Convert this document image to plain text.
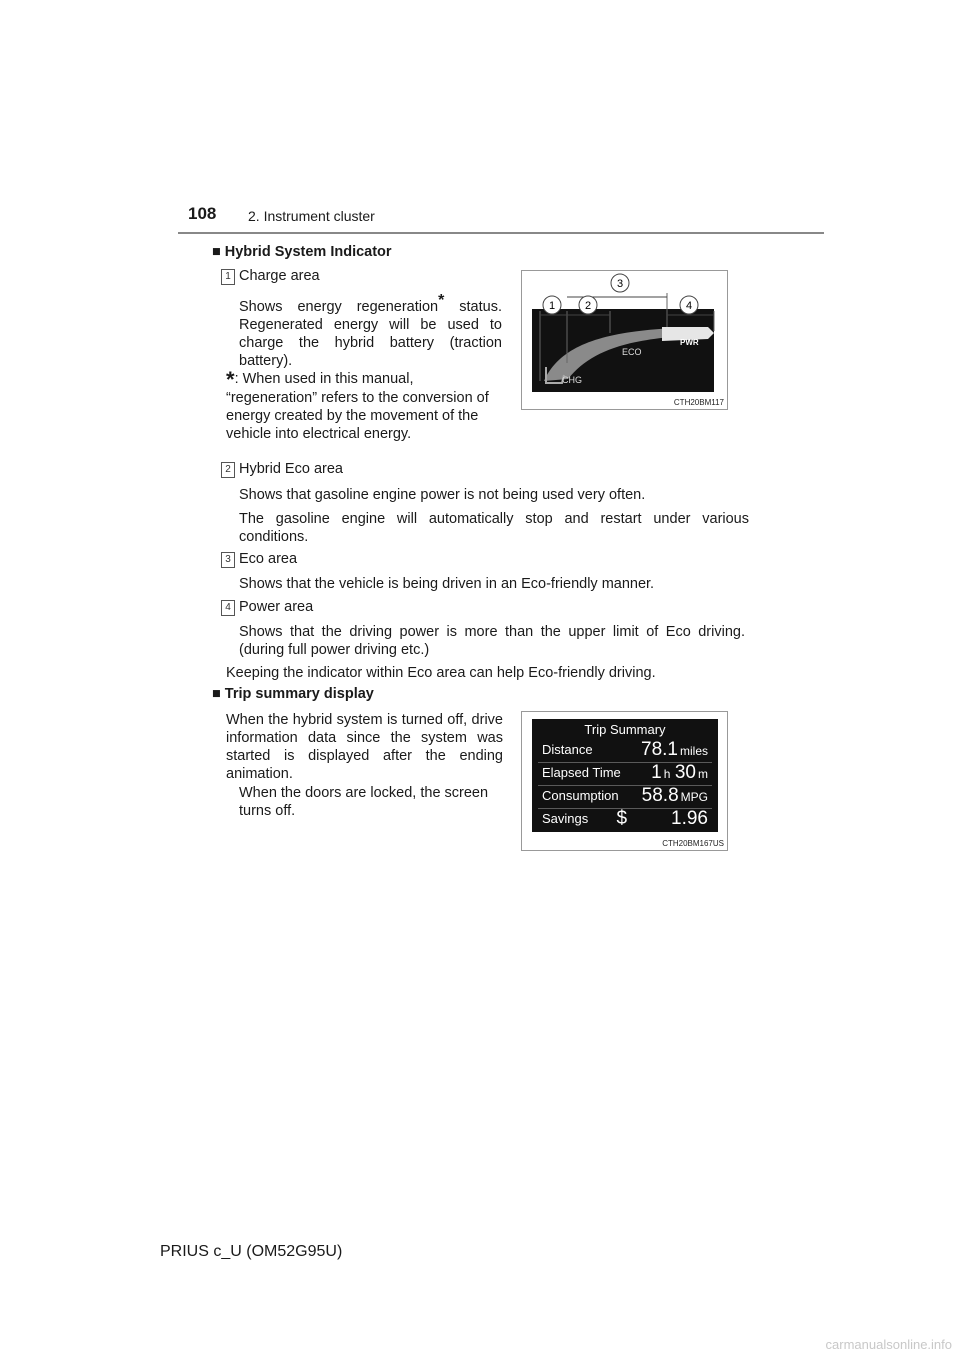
108 2. Instrument cluster
■ Hybrid System Indicator
1 Charge area
Shows energy regeneration* status. Regenerated energy will be used to charge the hybrid battery (traction battery).
*: When used in this manual, “regeneration” refers to the conversion of energy created by the movement of the vehicle into electrical energy.
CHG
ECO
PWR
1	2
3
4
CTH20BM117
2 Hybrid Eco area
Shows that gasoline engine power is not being used very often.
The gasoline engine will automatically stop and restart under various conditions.
3 Eco area
Shows that the vehicle is being driven in an Eco-friendly manner.
4 Power area
Shows that the driving power is more than the upper limit of Eco driving. (during full power driving etc.)
Keeping the indicator within Eco area can help Eco-friendly driving.
■ Trip summary display
When the hybrid system is turned off, drive information data since the system was started is displayed after the ending animation.
When the doors are locked, the screen turns off.
Trip Summary
Distance	78.1 miles
Elapsed Time 1 h 30 m
Consumption 58.8 MPG
Savings $ 1.96
CTH20BM167US
PRIUS c_U (OM52G95U)
carmanualsonline.info
